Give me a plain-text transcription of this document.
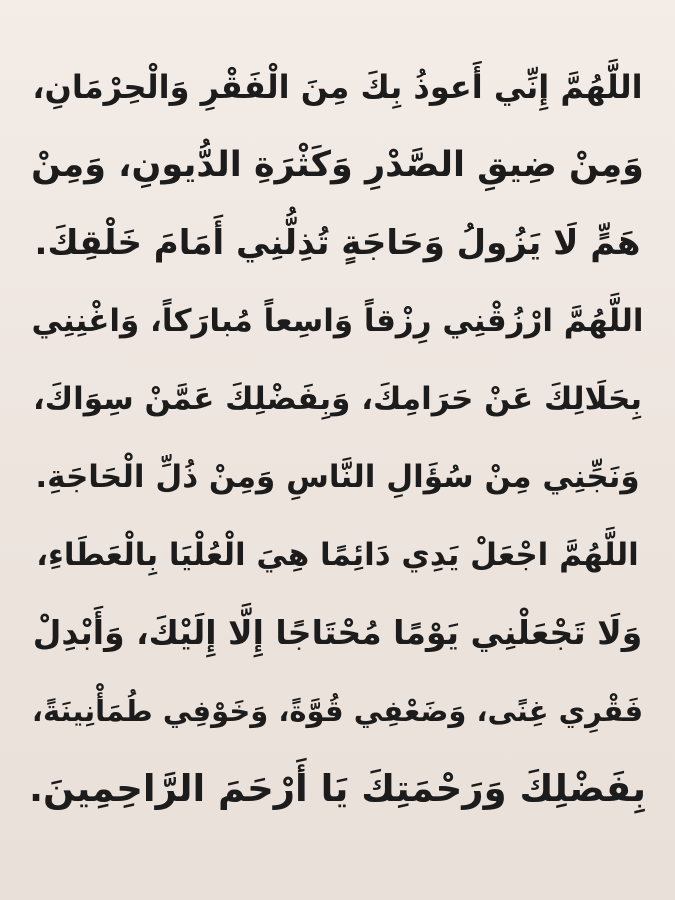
اللَّهُمَّ إِنِّي أَعوذُ بِكَ مِنَ الْفَقْرِ وَالْحِرْمَانِ،
وَمِنْ ضِيقِ الصَّدْرِ وَكَثْرَةِ الدُّيونِ، وَمِنْ
هَمٍّ لَا يَزُولُ وَحَاجَةٍ تُذِلُّنِي أَمَامَ خَلْقِكَ.
اللَّهُمَّ ارْزُقْنِي رِزْقاً وَاسِعاً مُبارَكاً، وَاغْنِنِي
بِحَلَالِكَ عَنْ حَرَامِكَ، وَبِفَضْلِكَ عَمَّنْ سِوَاكَ،
وَنَجِّنِي مِنْ سُؤَالِ النَّاسِ وَمِنْ ذُلِّ الْحَاجَةِ.
اللَّهُمَّ اجْعَلْ يَدِي دَائِمًا هِيَ الْعُلْيَا بِالْعَطَاءِ،
وَلَا تَجْعَلْنِي يَوْمًا مُحْتَاجًا إِلَّا إِلَيْكَ، وَأَبْدِلْ
فَقْرِي غِنًى، وَضَعْفِي قُوَّةً، وَخَوْفِي طُمَأْنِينَةً،
بِفَضْلِكَ وَرَحْمَتِكَ يَا أَرْحَمَ الرَّاحِمِينَ.
